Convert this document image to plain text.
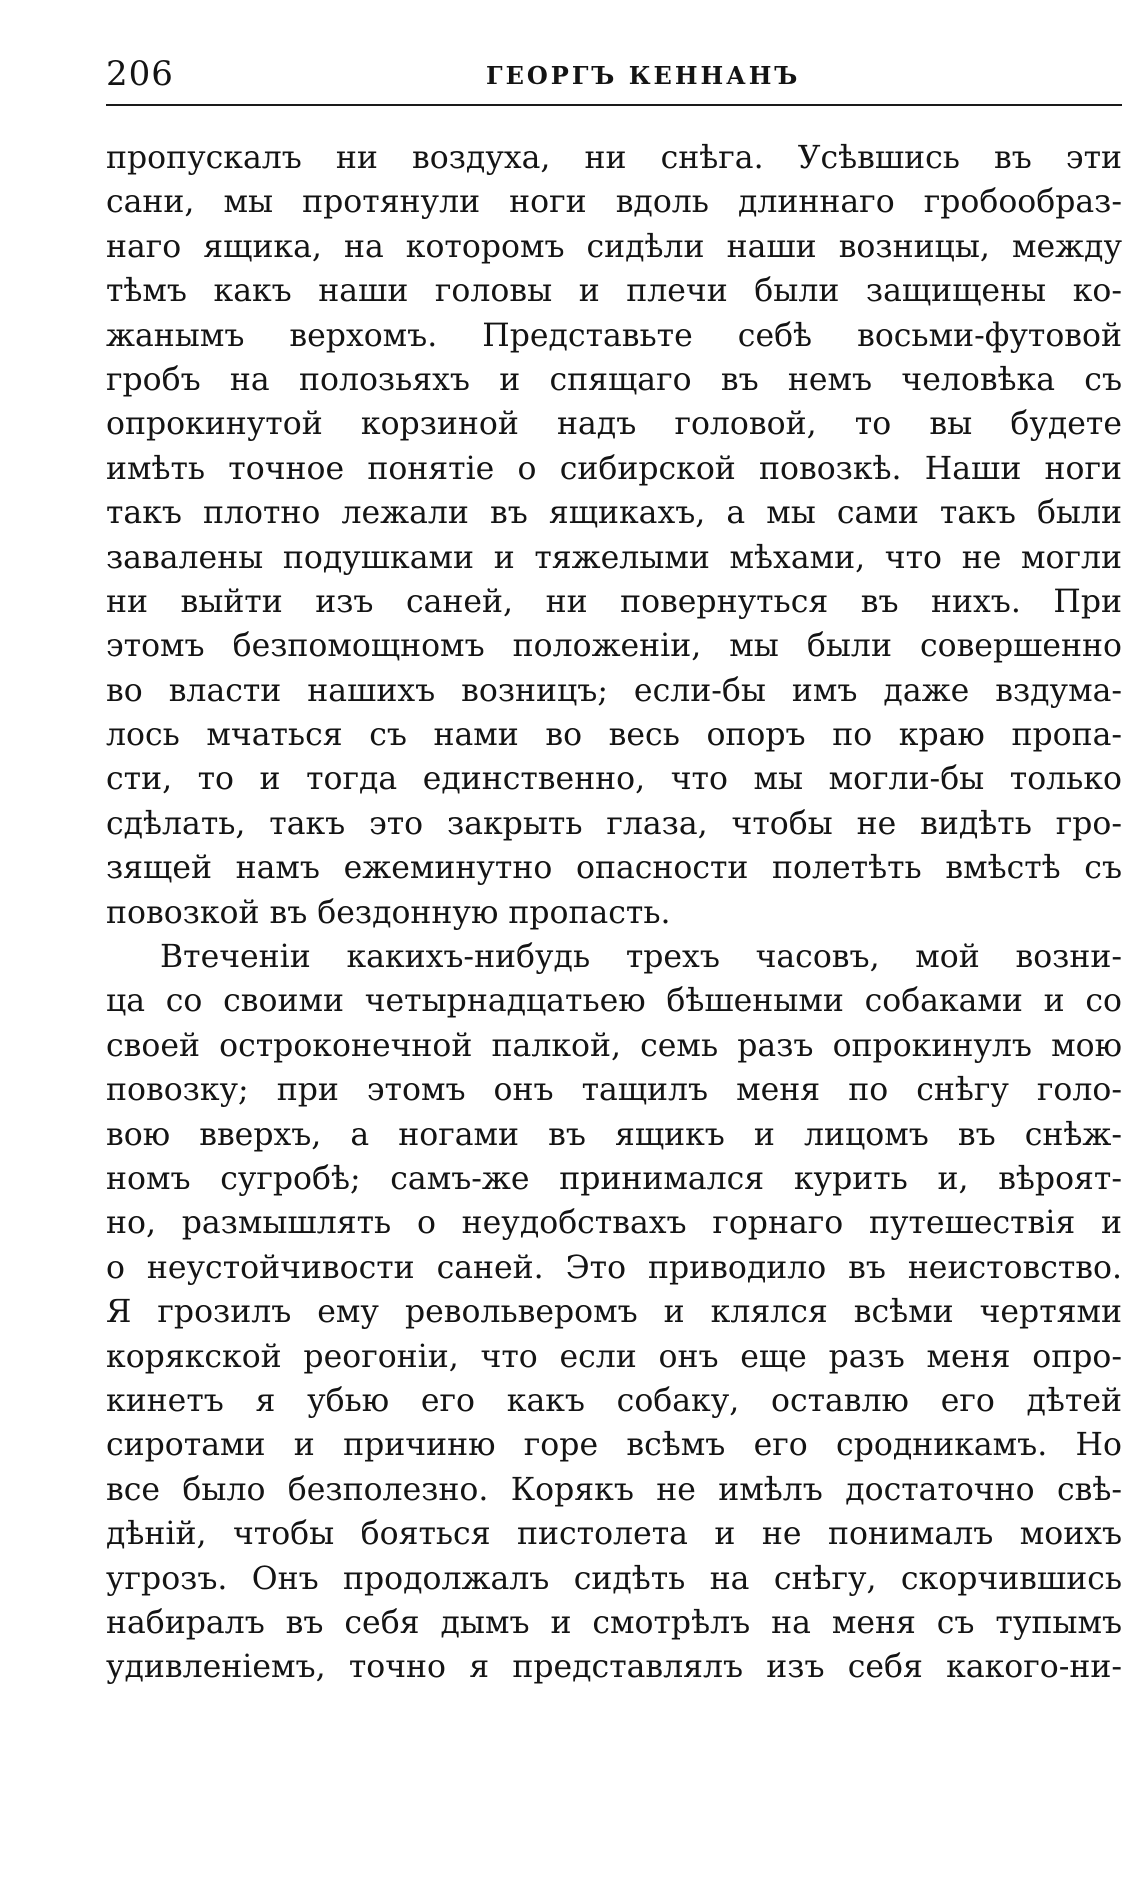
206	ГЕОРГЪ КЕННАНЪ
пропускалъ ни воздуха, ни снѣга. Усѣвшись въ эти
сани, мы протянули ноги вдоль длиннаго гробообраз-
наго ящика, на которомъ сидѣли наши возницы, между
тѣмъ какъ наши головы и плечи были защищены ко-
жанымъ верхомъ. Представьте себѣ восьми-футовой
гробъ на полозьяхъ и спящаго въ немъ человѣка съ
опрокинутой корзиной надъ головой, то вы будете
имѣть точное понятіе о сибирской повозкѣ. Наши ноги
такъ плотно лежали въ ящикахъ, а мы сами такъ были
завалены подушками и тяжелыми мѣхами, что не могли
ни выйти изъ саней, ни повернуться въ нихъ. При
этомъ безпомощномъ положеніи, мы были совершенно
во власти нашихъ возницъ; если-бы имъ даже вздума-
лось мчаться съ нами во весь опоръ по краю пропа-
сти, то и тогда единственно, что мы могли-бы только
сдѣлать, такъ это закрыть глаза, чтобы не видѣть гро-
зящей намъ ежеминутно опасности полетѣть вмѣстѣ съ
повозкой въ бездонную пропасть.
Втеченіи какихъ-нибудь трехъ часовъ, мой возни-
ца со своими четырнадцатьею бѣшеными собаками и со
своей остроконечной палкой, семь разъ опрокинулъ мою
повозку; при этомъ онъ тащилъ меня по снѣгу голо-
вою вверхъ, а ногами въ ящикъ и лицомъ въ снѣж-
номъ сугробѣ; самъ-же принимался курить и, вѣроят-
но, размышлять о неудобствахъ горнаго путешествія и
о неустойчивости саней. Это приводило въ неистовство.
Я грозилъ ему револьверомъ и клялся всѣми чертями
корякской реогоніи, что если онъ еще разъ меня опро-
кинетъ я убью его какъ собаку, оставлю его дѣтей
сиротами и причиню горе всѣмъ его сродникамъ. Но
все было безполезно. Корякъ не имѣлъ достаточно свѣ-
дѣній, чтобы бояться пистолета и не понималъ моихъ
угрозъ. Онъ продолжалъ сидѣть на снѣгу, скорчившись
набиралъ въ себя дымъ и смотрѣлъ на меня съ тупымъ
удивленіемъ, точно я представлялъ изъ себя какого-ни-
